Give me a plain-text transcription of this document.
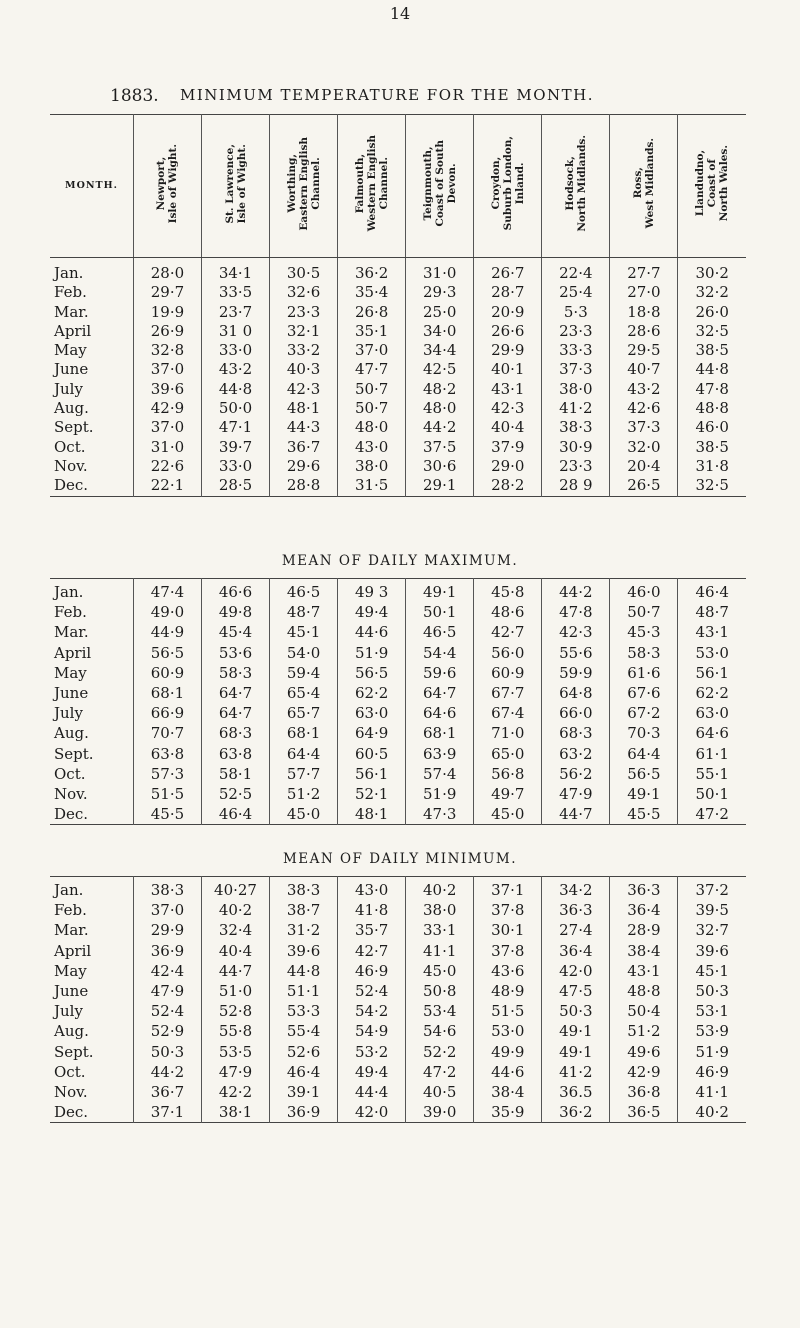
14
1883. MINIMUM TEMPERATURE FOR THE MONTH.
MONTH.	Newport, Isle of Wight.	St. Lawrence, Isle of Wight.	Worthing, Eastern English Channel.	Falmouth, Western English Channel.	Teignmouth, Coast of South Devon.	Croydon, Suburb London, Inland.	Hodsock, North Midlands.	Ross, West Midlands.	Llandudno, Coast of North Wales.

Jan.	28·0	34·1	30·5	36·2	31·0	26·7	22·4	27·7	30·2
Feb.	29·7	33·5	32·6	35·4	29·3	28·7	25·4	27·0	32·2
Mar.	19·9	23·7	23·3	26·8	25·0	20·9	5·3	18·8	26·0
April	26·9	31 0	32·1	35·1	34·0	26·6	23·3	28·6	32·5
May	32·8	33·0	33·2	37·0	34·4	29·9	33·3	29·5	38·5
June	37·0	43·2	40·3	47·7	42·5	40·1	37·3	40·7	44·8
July	39·6	44·8	42·3	50·7	48·2	43·1	38·0	43·2	47·8
Aug.	42·9	50·0	48·1	50·7	48·0	42·3	41·2	42·6	48·8
Sept.	37·0	47·1	44·3	48·0	44·2	40·4	38·3	37·3	46·0
Oct.	31·0	39·7	36·7	43·0	37·5	37·9	30·9	32·0	38·5
Nov.	22·6	33·0	29·6	38·0	30·6	29·0	23·3	20·4	31·8
Dec.	22·1	28·5	28·8	31·5	29·1	28·2	28 9	26·5	32·5
MEAN OF DAILY MAXIMUM.
Jan.	47·4	46·6	46·5	49 3	49·1	45·8	44·2	46·0	46·4
Feb.	49·0	49·8	48·7	49·4	50·1	48·6	47·8	50·7	48·7
Mar.	44·9	45·4	45·1	44·6	46·5	42·7	42·3	45·3	43·1
April	56·5	53·6	54·0	51·9	54·4	56·0	55·6	58·3	53·0
May	60·9	58·3	59·4	56·5	59·6	60·9	59·9	61·6	56·1
June	68·1	64·7	65·4	62·2	64·7	67·7	64·8	67·6	62·2
July	66·9	64·7	65·7	63·0	64·6	67·4	66·0	67·2	63·0
Aug.	70·7	68·3	68·1	64·9	68·1	71·0	68·3	70·3	64·6
Sept.	63·8	63·8	64·4	60·5	63·9	65·0	63·2	64·4	61·1
Oct.	57·3	58·1	57·7	56·1	57·4	56·8	56·2	56·5	55·1
Nov.	51·5	52·5	51·2	52·1	51·9	49·7	47·9	49·1	50·1
Dec.	45·5	46·4	45·0	48·1	47·3	45·0	44·7	45·5	47·2
MEAN OF DAILY MINIMUM.
Jan.	38·3	40·27	38·3	43·0	40·2	37·1	34·2	36·3	37·2
Feb.	37·0	40·2	38·7	41·8	38·0	37·8	36·3	36·4	39·5
Mar.	29·9	32·4	31·2	35·7	33·1	30·1	27·4	28·9	32·7
April	36·9	40·4	39·6	42·7	41·1	37·8	36·4	38·4	39·6
May	42·4	44·7	44·8	46·9	45·0	43·6	42·0	43·1	45·1
June	47·9	51·0	51·1	52·4	50·8	48·9	47·5	48·8	50·3
July	52·4	52·8	53·3	54·2	53·4	51·5	50·3	50·4	53·1
Aug.	52·9	55·8	55·4	54·9	54·6	53·0	49·1	51·2	53·9
Sept.	50·3	53·5	52·6	53·2	52·2	49·9	49·1	49·6	51·9
Oct.	44·2	47·9	46·4	49·4	47·2	44·6	41·2	42·9	46·9
Nov.	36·7	42·2	39·1	44·4	40·5	38·4	36.5	36·8	41·1
Dec.	37·1	38·1	36·9	42·0	39·0	35·9	36·2	36·5	40·2
